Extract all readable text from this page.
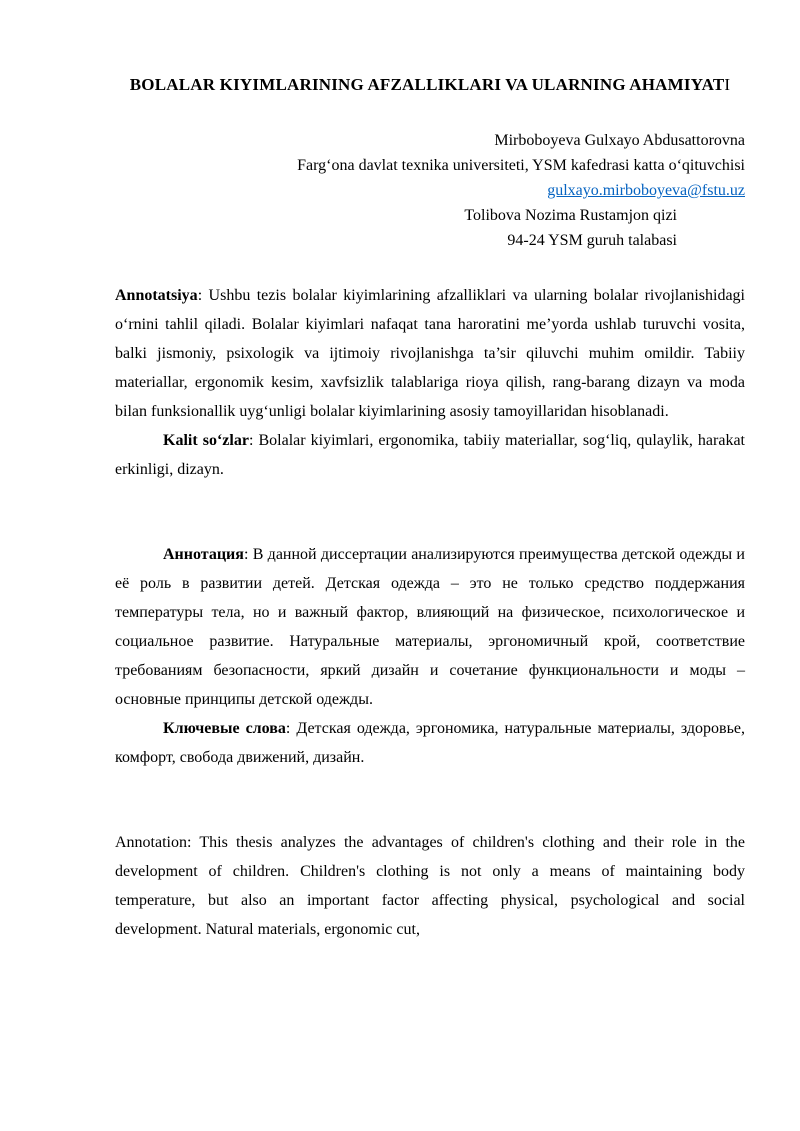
BOLALAR KIYIMLARINING AFZALLIKLARI VA ULARNING AHAMIYATI

Mirboboyeva Gulxayo Abdusattorovna

Farg‘ona davlat texnika universiteti, YSM kafedrasi katta o‘qituvchisi

gulxayo.mirboboyeva@fstu.uz

Tolibova Nozima Rustamjon qizi

94-24 YSM guruh talabasi

Annotatsiya: Ushbu tezis bolalar kiyimlarining afzalliklari va ularning bolalar rivojlanishidagi o‘rnini tahlil qiladi. Bolalar kiyimlari nafaqat tana haroratini me’yorda ushlab turuvchi vosita, balki jismoniy, psixologik va ijtimoiy rivojlanishga ta’sir qiluvchi muhim omildir. Tabiiy materiallar, ergonomik kesim, xavfsizlik talablariga rioya qilish, rang-barang dizayn va moda bilan funksionallik uyg‘unligi bolalar kiyimlarining asosiy tamoyillaridan hisoblanadi.

Kalit so‘zlar: Bolalar kiyimlari, ergonomika, tabiiy materiallar, sog‘liq, qulaylik, harakat erkinligi, dizayn.

Аннотация: В данной диссертации анализируются преимущества детской одежды и её роль в развитии детей. Детская одежда – это не только средство поддержания температуры тела, но и важный фактор, влияющий на физическое, психологическое и социальное развитие. Натуральные материалы, эргономичный крой, соответствие требованиям безопасности, яркий дизайн и сочетание функциональности и моды – основные принципы детской одежды.

Ключевые слова: Детская одежда, эргономика, натуральные материалы, здоровье, комфорт, свобода движений, дизайн.

Annotation: This thesis analyzes the advantages of children's clothing and their role in the development of children. Children's clothing is not only a means of maintaining body temperature, but also an important factor affecting physical, psychological and social development. Natural materials, ergonomic cut,
